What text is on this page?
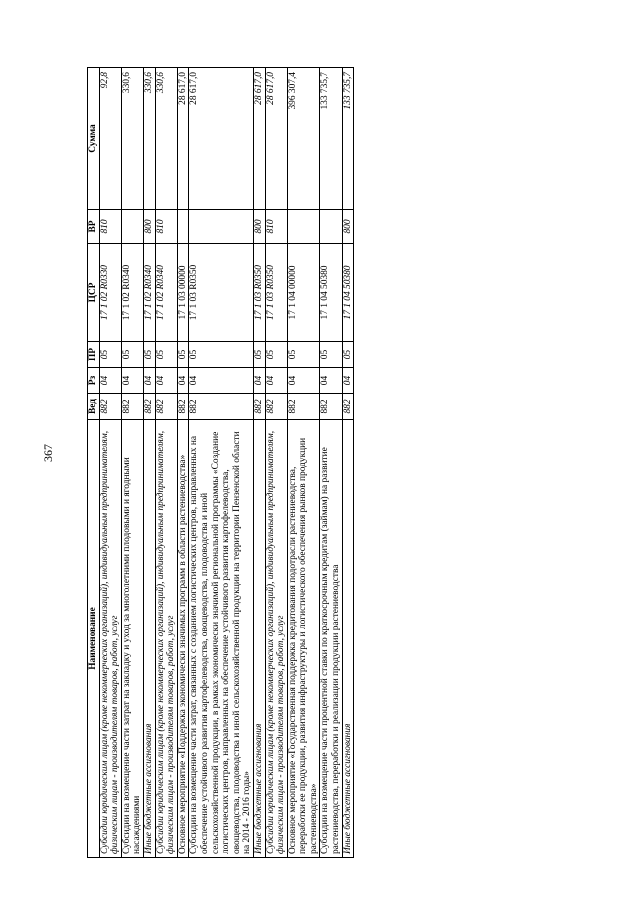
367
Наименование	Вед	Рз	ПР	ЦСР	ВР	Сумма
Субсидии юридическим лицам (кроме некоммерческих организаций), индивидуальным предпринимателям, физическим лицам - производителям товаров, работ, услуг	882	04	05	17 1 02 R0330	810	92,8
Субсидии на возмещение части затрат на закладку и уход за многолетними плодовыми и ягодными насаждениями	882	04	05	17 1 02 R0340		330,6
Иные бюджетные ассигнования	882	04	05	17 1 02 R0340	800	330,6
Субсидии юридическим лицам (кроме некоммерческих организаций), индивидуальным предпринимателям, физическим лицам - производителям товаров, работ, услуг	882	04	05	17 1 02 R0340	810	330,6
Основное мероприятие «Поддержка экономически значимых программ в области растениеводства»	882	04	05	17 1 03 00000		28 617,0
Субсидии на возмещение части затрат, связанных с созданием логистических центров, направленных на обеспечение устойчивого развития картофелеводства, овощеводства, плодоводства и иной сельскохозяйственной продукции, в рамках экономически значимой региональной программы «Создание логистических центров, направленных на обеспечение устойчивого развития картофелеводства, овощеводства, плодоводства и иной сельскохозяйственной продукции на территории Пензенской области на 2014 - 2016 годы»	882	04	05	17 1 03 R0350		28 617,0
Иные бюджетные ассигнования	882	04	05	17 1 03 R0350	800	28 617,0
Субсидии юридическим лицам (кроме некоммерческих организаций), индивидуальным предпринимателям, физическим лицам - производителям товаров, работ, услуг	882	04	05	17 1 03 R0350	810	28 617,0
Основное мероприятие «Государственная поддержка кредитования подотрасли растениеводства, переработки ее продукции, развития инфраструктуры и логистического обеспечения рынков продукции растениеводства»	882	04	05	17 1 04 00000		396 307,4
Субсидии на возмещение части процентной ставки по краткосрочным кредитам (займам) на развитие растениеводства, переработки и реализации продукции растениеводства	882	04	05	17 1 04 50380		133 735,7
Иные бюджетные ассигнования	882	04	05	17 1 04 50380	800	133 735,7
